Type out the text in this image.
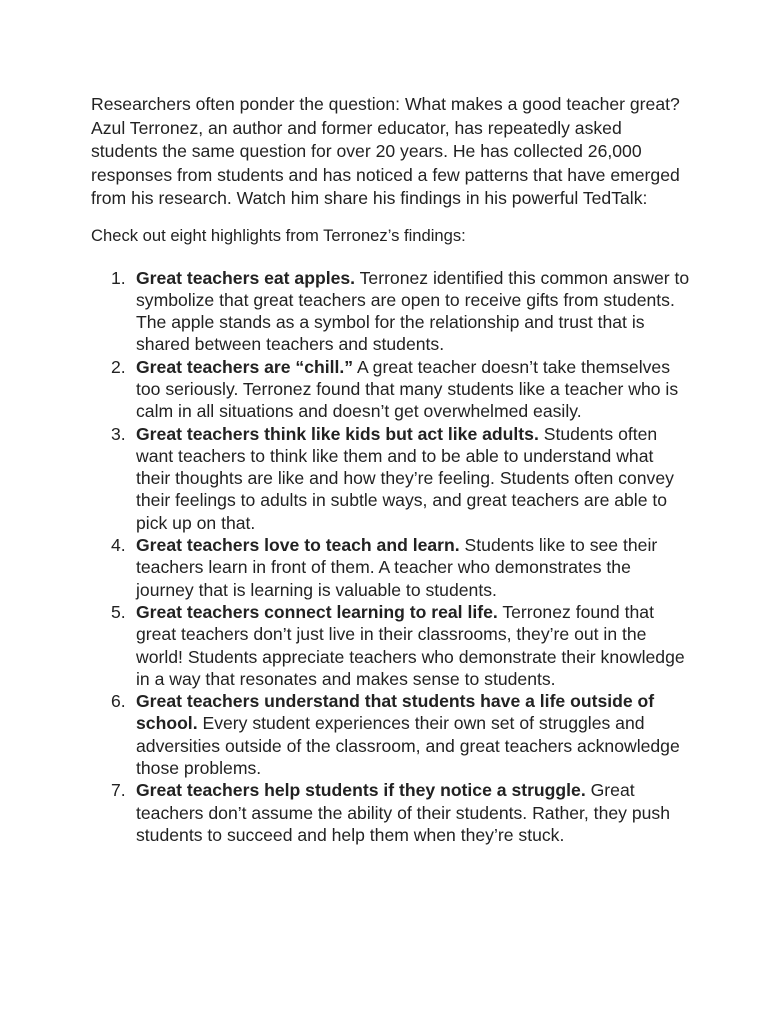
Researchers often ponder the question: What makes a good teacher great? Azul Terronez, an author and former educator, has repeatedly asked students the same question for over 20 years. He has collected 26,000 responses from students and has noticed a few patterns that have emerged from his research. Watch him share his findings in his powerful TedTalk:

Check out eight highlights from Terronez’s findings:

1. Great teachers eat apples. Terronez identified this common answer to symbolize that great teachers are open to receive gifts from students. The apple stands as a symbol for the relationship and trust that is shared between teachers and students.
2. Great teachers are “chill.” A great teacher doesn’t take themselves too seriously. Terronez found that many students like a teacher who is calm in all situations and doesn’t get overwhelmed easily.
3. Great teachers think like kids but act like adults. Students often want teachers to think like them and to be able to understand what their thoughts are like and how they’re feeling. Students often convey their feelings to adults in subtle ways, and great teachers are able to pick up on that.
4. Great teachers love to teach and learn. Students like to see their teachers learn in front of them. A teacher who demonstrates the journey that is learning is valuable to students.
5. Great teachers connect learning to real life. Terronez found that great teachers don’t just live in their classrooms, they’re out in the world! Students appreciate teachers who demonstrate their knowledge in a way that resonates and makes sense to students.
6. Great teachers understand that students have a life outside of school. Every student experiences their own set of struggles and adversities outside of the classroom, and great teachers acknowledge those problems.
7. Great teachers help students if they notice a struggle. Great teachers don’t assume the ability of their students. Rather, they push students to succeed and help them when they’re stuck.
